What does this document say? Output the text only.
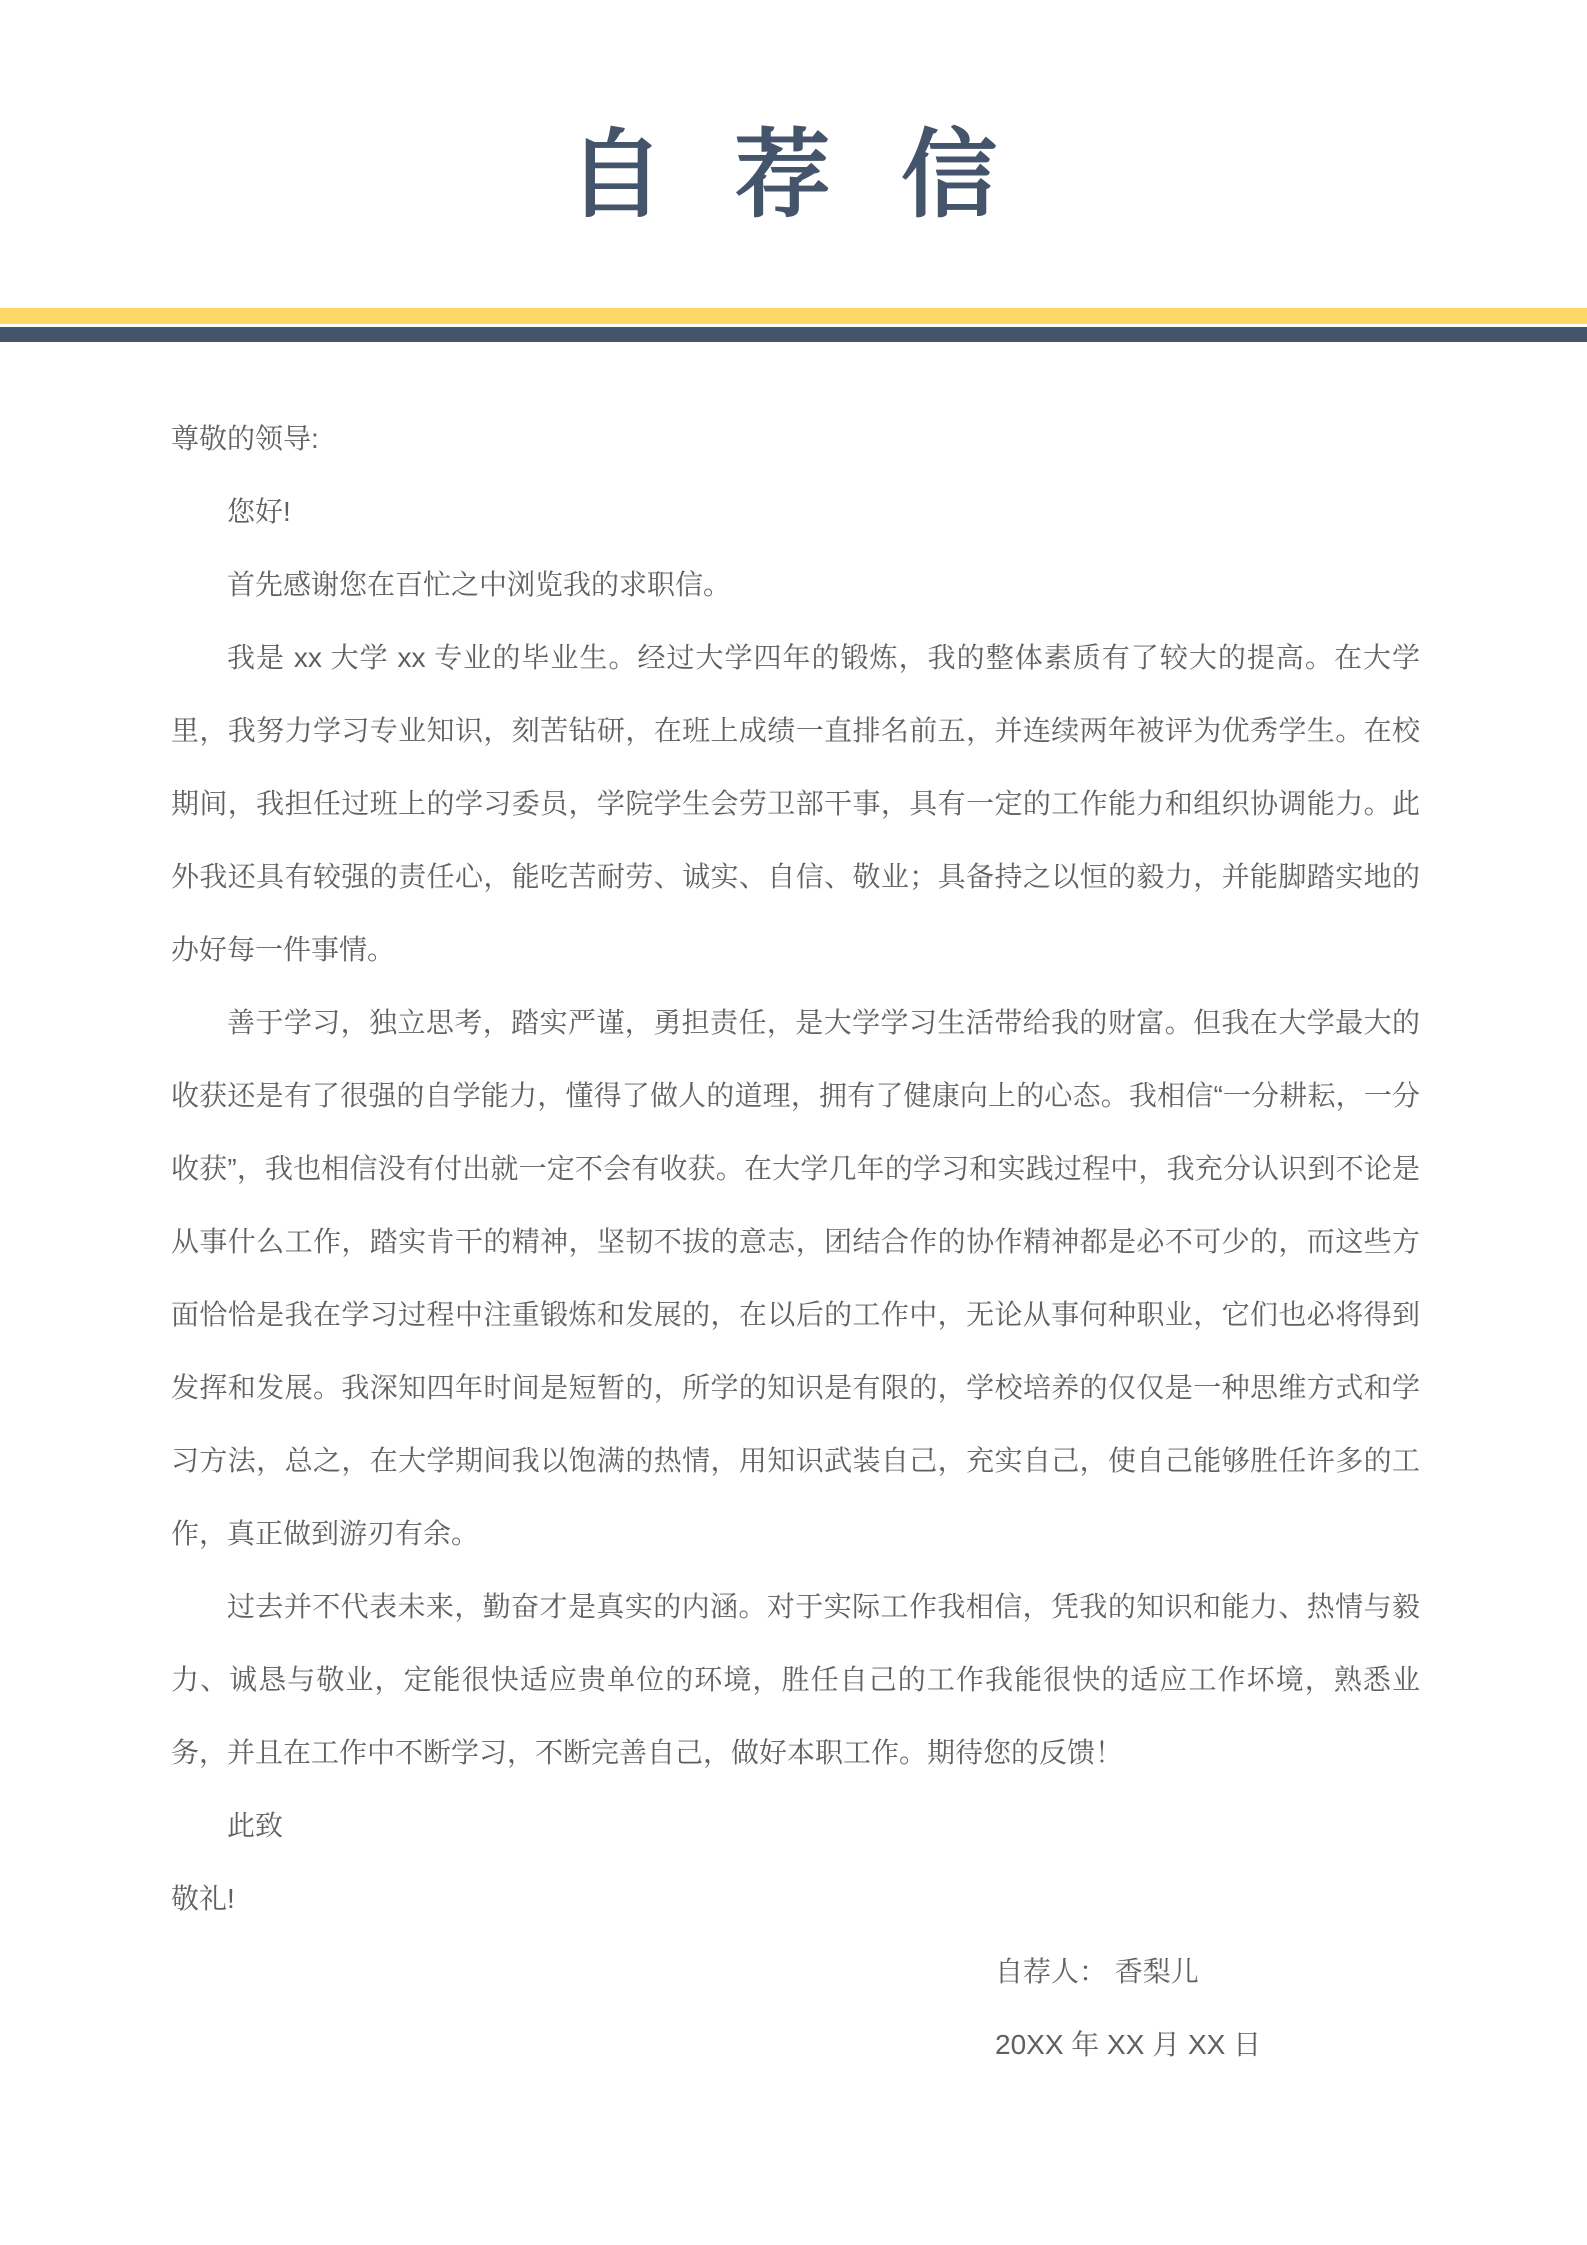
自 荐 信

尊敬的领导:

您好!

首先感谢您在百忙之中浏览我的求职信。

我是 xx 大学 xx 专业的毕业生。经过大学四年的锻炼，我的整体素质有了较大的提高。在大学里，我努力学习专业知识，刻苦钻研，在班上成绩一直排名前五，并连续两年被评为优秀学生。在校期间，我担任过班上的学习委员，学院学生会劳卫部干事，具有一定的工作能力和组织协调能力。此外我还具有较强的责任心，能吃苦耐劳、诚实、自信、敬业；具备持之以恒的毅力，并能脚踏实地的办好每一件事情。

善于学习，独立思考，踏实严谨，勇担责任，是大学学习生活带给我的财富。但我在大学最大的收获还是有了很强的自学能力，懂得了做人的道理，拥有了健康向上的心态。我相信“一分耕耘，一分收获”，我也相信没有付出就一定不会有收获。在大学几年的学习和实践过程中，我充分认识到不论是从事什么工作，踏实肯干的精神，坚韧不拔的意志，团结合作的协作精神都是必不可少的，而这些方面恰恰是我在学习过程中注重锻炼和发展的，在以后的工作中，无论从事何种职业，它们也必将得到发挥和发展。我深知四年时间是短暂的，所学的知识是有限的，学校培养的仅仅是一种思维方式和学习方法，总之，在大学期间我以饱满的热情，用知识武装自己，充实自己，使自己能够胜任许多的工作，真正做到游刃有余。

过去并不代表未来，勤奋才是真实的内涵。对于实际工作我相信，凭我的知识和能力、热情与毅力、诚恳与敬业，定能很快适应贵单位的环境，胜任自己的工作我能很快的适应工作坏境，熟悉业务，并且在工作中不断学习，不断完善自己，做好本职工作。期待您的反馈！

此致

敬礼!

自荐人： 香梨儿

20XX 年 XX 月 XX 日
